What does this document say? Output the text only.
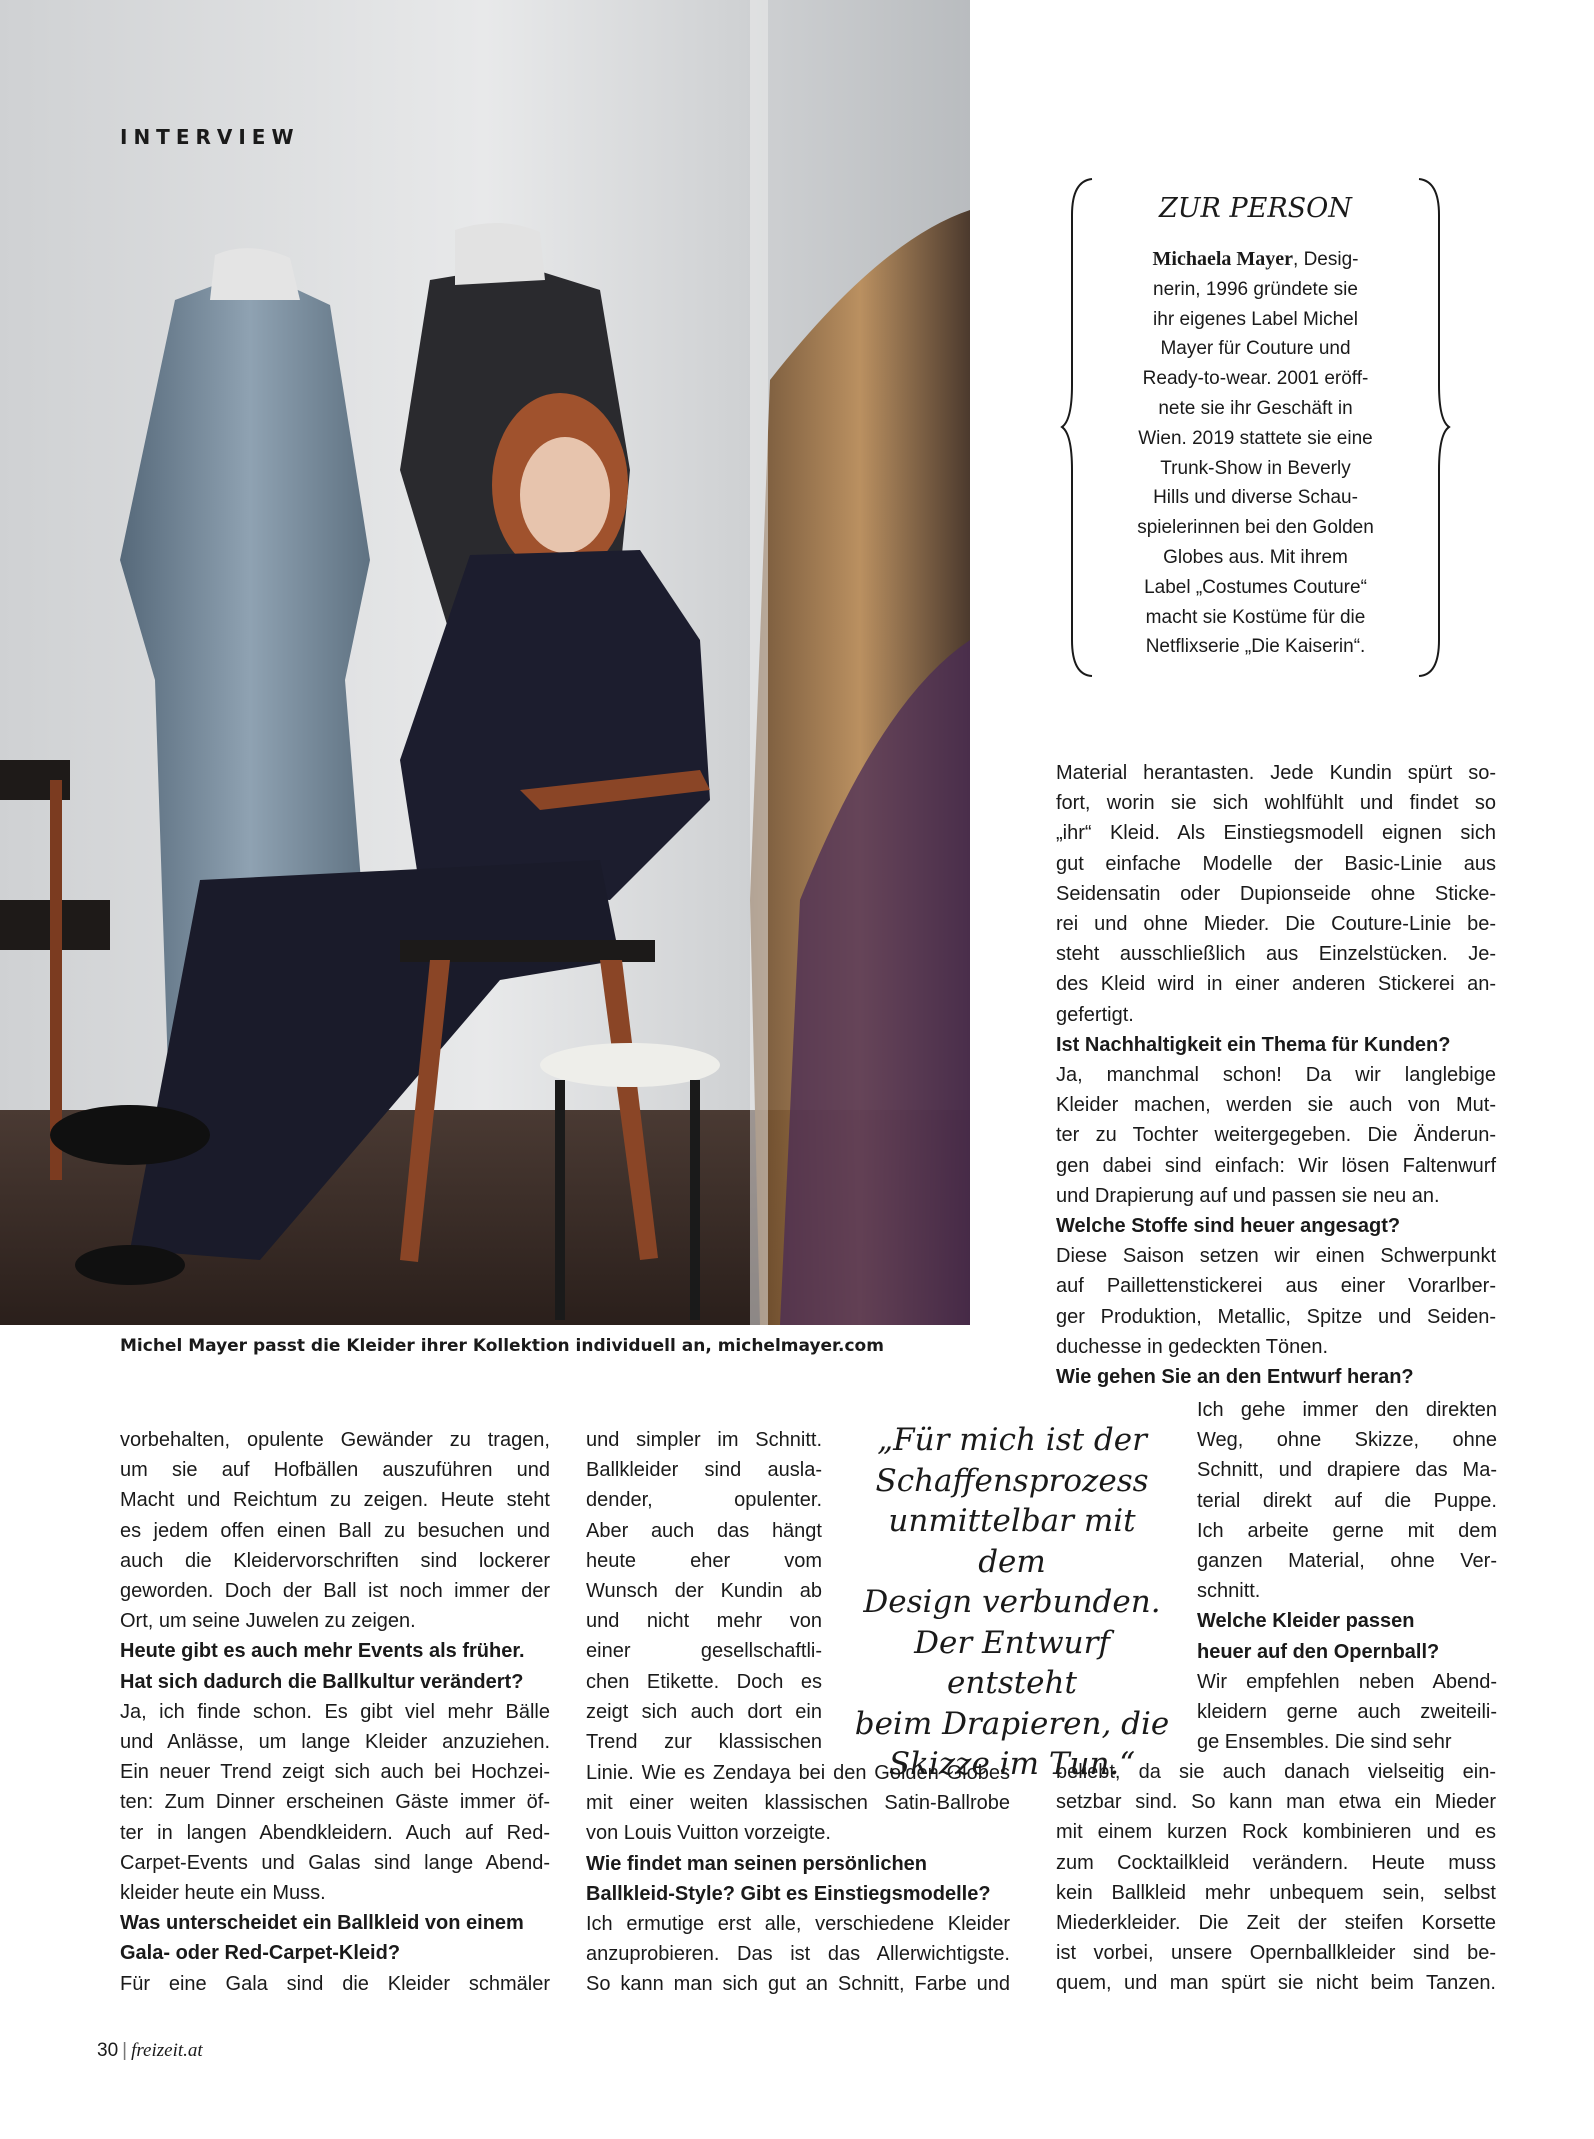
INTERVIEW
ZUR PERSON
Michaela Mayer, Desig-
nerin, 1996 gründete sie
ihr eigenes Label Michel
Mayer für Couture und
Ready-to-wear. 2001 eröff-
nete sie ihr Geschäft in
Wien. 2019 stattete sie eine
Trunk-Show in Beverly
Hills und diverse Schau-
spielerinnen bei den Golden
Globes aus. Mit ihrem
Label „Costumes Couture“
macht sie Kostüme für die
Netflixserie „Die Kaiserin“.
Michel Mayer passt die Kleider ihrer Kollektion individuell an, michelmayer.com
Material herantasten. Jede Kundin spürt so-
fort, worin sie sich wohlfühlt und findet so
„ihr“ Kleid. Als Einstiegsmodell eignen sich
gut einfache Modelle der Basic-Linie aus
Seidensatin oder Dupionseide ohne Sticke-
rei und ohne Mieder. Die Couture-Linie be-
steht ausschließlich aus Einzelstücken. Je-
des Kleid wird in einer anderen Stickerei an-
gefertigt.
Ist Nachhaltigkeit ein Thema für Kunden?
Ja, manchmal schon! Da wir langlebige
Kleider machen, werden sie auch von Mut-
ter zu Tochter weitergegeben. Die Änderun-
gen dabei sind einfach: Wir lösen Faltenwurf
und Drapierung auf und passen sie neu an.
Welche Stoffe sind heuer angesagt?
Diese Saison setzen wir einen Schwerpunkt
auf Paillettenstickerei aus einer Vorarlber-
ger Produktion, Metallic, Spitze und Seiden-
duchesse in gedeckten Tönen.
Wie gehen Sie an den Entwurf heran?
Ich gehe immer den direkten
Weg, ohne Skizze, ohne
Schnitt, und drapiere das Ma-
terial direkt auf die Puppe.
Ich arbeite gerne mit dem
ganzen Material, ohne Ver-
schnitt.
Welche Kleider passen
heuer auf den Opernball?
Wir empfehlen neben Abend-
kleidern gerne auch zweiteili-
ge Ensembles. Die sind sehr
beliebt, da sie auch danach vielseitig ein-
setzbar sind. So kann man etwa ein Mieder
mit einem kurzen Rock kombinieren und es
zum Cocktailkleid verändern. Heute muss
kein Ballkleid mehr unbequem sein, selbst
Miederkleider. Die Zeit der steifen Korsette
ist vorbei, unsere Opernballkleider sind be-
quem, und man spürt sie nicht beim Tanzen.
vorbehalten, opulente Gewänder zu tragen,
um sie auf Hofbällen auszuführen und
Macht und Reichtum zu zeigen. Heute steht
es jedem offen einen Ball zu besuchen und
auch die Kleidervorschriften sind lockerer
geworden. Doch der Ball ist noch immer der
Ort, um seine Juwelen zu zeigen.
Heute gibt es auch mehr Events als früher.
Hat sich dadurch die Ballkultur verändert?
Ja, ich finde schon. Es gibt viel mehr Bälle
und Anlässe, um lange Kleider anzuziehen.
Ein neuer Trend zeigt sich auch bei Hochzei-
ten: Zum Dinner erscheinen Gäste immer öf-
ter in langen Abendkleidern. Auch auf Red-
Carpet-Events und Galas sind lange Abend-
kleider heute ein Muss.
Was unterscheidet ein Ballkleid von einem
Gala- oder Red-Carpet-Kleid?
Für eine Gala sind die Kleider schmäler
und simpler im Schnitt.
Ballkleider sind ausla-
dender, opulenter.
Aber auch das hängt
heute eher vom
Wunsch der Kundin ab
und nicht mehr von
einer gesellschaftli-
chen Etikette. Doch es
zeigt sich auch dort ein
Trend zur klassischen
Linie. Wie es Zendaya bei den Golden Globes
mit einer weiten klassischen Satin-Ballrobe
von Louis Vuitton vorzeigte.
Wie findet man seinen persönlichen
Ballkleid-Style? Gibt es Einstiegsmodelle?
Ich ermutige erst alle, verschiedene Kleider
anzuprobieren. Das ist das Allerwichtigste.
So kann man sich gut an Schnitt, Farbe und
„Für mich ist der
Schaffensprozess
unmittelbar mit dem
Design verbunden.
Der Entwurf entsteht
beim Drapieren, die
Skizze im Tun.“
30 | freizeit.at
